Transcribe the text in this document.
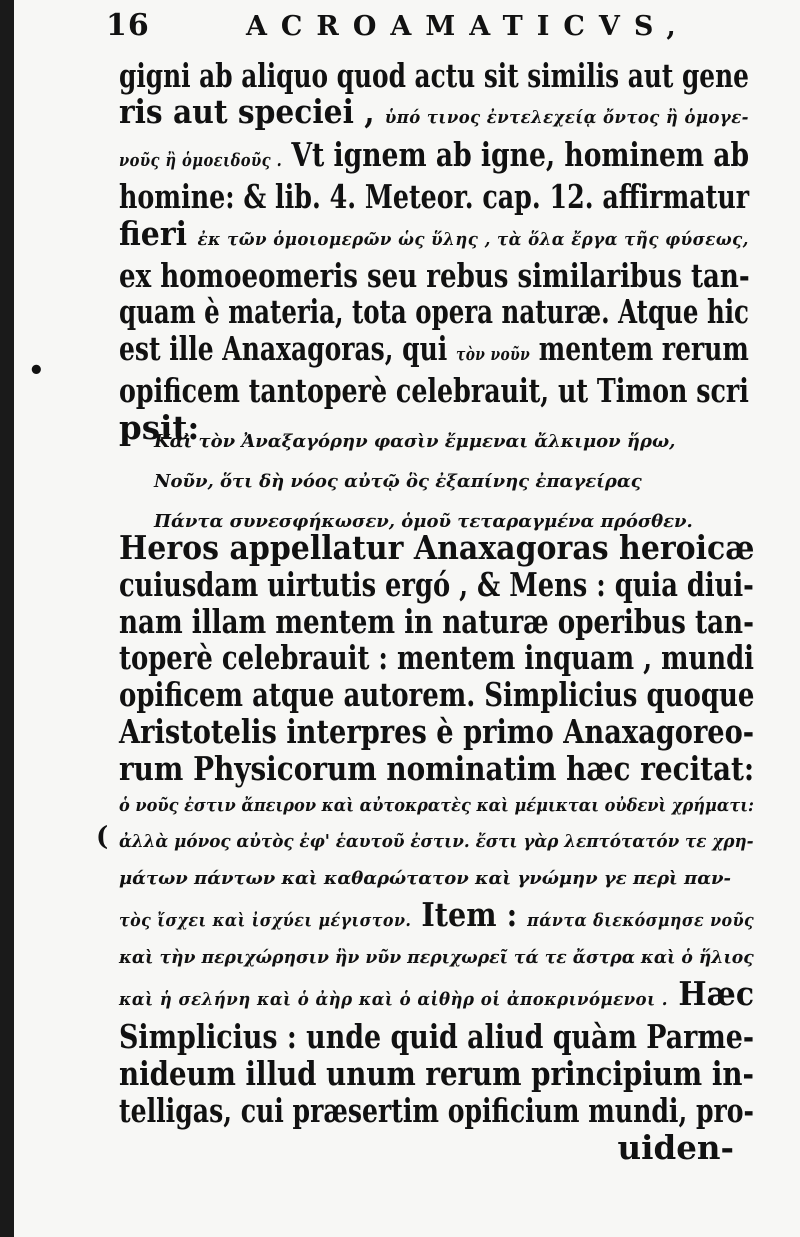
16	ACROAMATICVS,
gigni ab aliquo quod actu sit similis aut gene
ris aut speciei , ὑπό τινος ἐντελεχείᾳ ὄντος ἢ ὁμογε-
νοῦς ἢ ὁμοειδοῦς . Vt ignem ab igne, hominem ab
homine: & lib. 4. Meteor. cap. 12. affirmatur
fieri ἐκ τῶν ὁμοιομερῶν ὡς ὕλης , τὰ ὅλα ἔργα τῆς φύσεως,
ex homoeomeris seu rebus similaribus tan-
quam è materia, tota opera naturæ. Atque hic
est ille Anaxagoras, qui τὸν νοῦν mentem rerum
opificem tantoperè celebrauit, ut Timon scri
psit:
•
Καὶ τὸν Ἀναξαγόρην φασὶν ἔμμεναι ἄλκιμον ἥρω,
Νοῦν, ὅτι δὴ νόος αὐτῷ ὃς ἐξαπίνης ἐπαγείρας
Πάντα συνεσφήκωσεν, ὁμοῦ τεταραγμένα πρόσθεν.
Heros appellatur Anaxagoras heroicæ
cuiusdam uirtutis ergó , & Mens : quia diui-
nam illam mentem in naturæ operibus tan-
toperè celebrauit : mentem inquam , mundi
opificem atque autorem. Simplicius quoque
Aristotelis interpres è primo Anaxagoreo-
rum Physicorum nominatim hæc recitat:
ὁ νοῦς ἐστιν ἄπειρον καὶ αὐτοκρατὲς καὶ μέμικται οὐδενὶ χρήματι:
ἀλλὰ μόνος αὐτὸς ἐφ' ἑαυτοῦ ἐστιν. ἔστι γὰρ λεπτότατόν τε χρη-
μάτων πάντων καὶ καθαρώτατον καὶ γνώμην γε περὶ παν-
τὸς ἴσχει καὶ ἰσχύει μέγιστον. Item : πάντα διεκόσμησε νοῦς
καὶ τὴν περιχώρησιν ἣν νῦν περιχωρεῖ τά τε ἄστρα καὶ ὁ ἥλιος
καὶ ἡ σελήνη καὶ ὁ ἀὴρ καὶ ὁ αἰθὴρ οἱ ἀποκρινόμενοι . Hæc
Simplicius : unde quid aliud quàm Parme-
nideum illud unum rerum principium in-
telligas, cui præsertim opificium mundi, pro-
uiden-
(
